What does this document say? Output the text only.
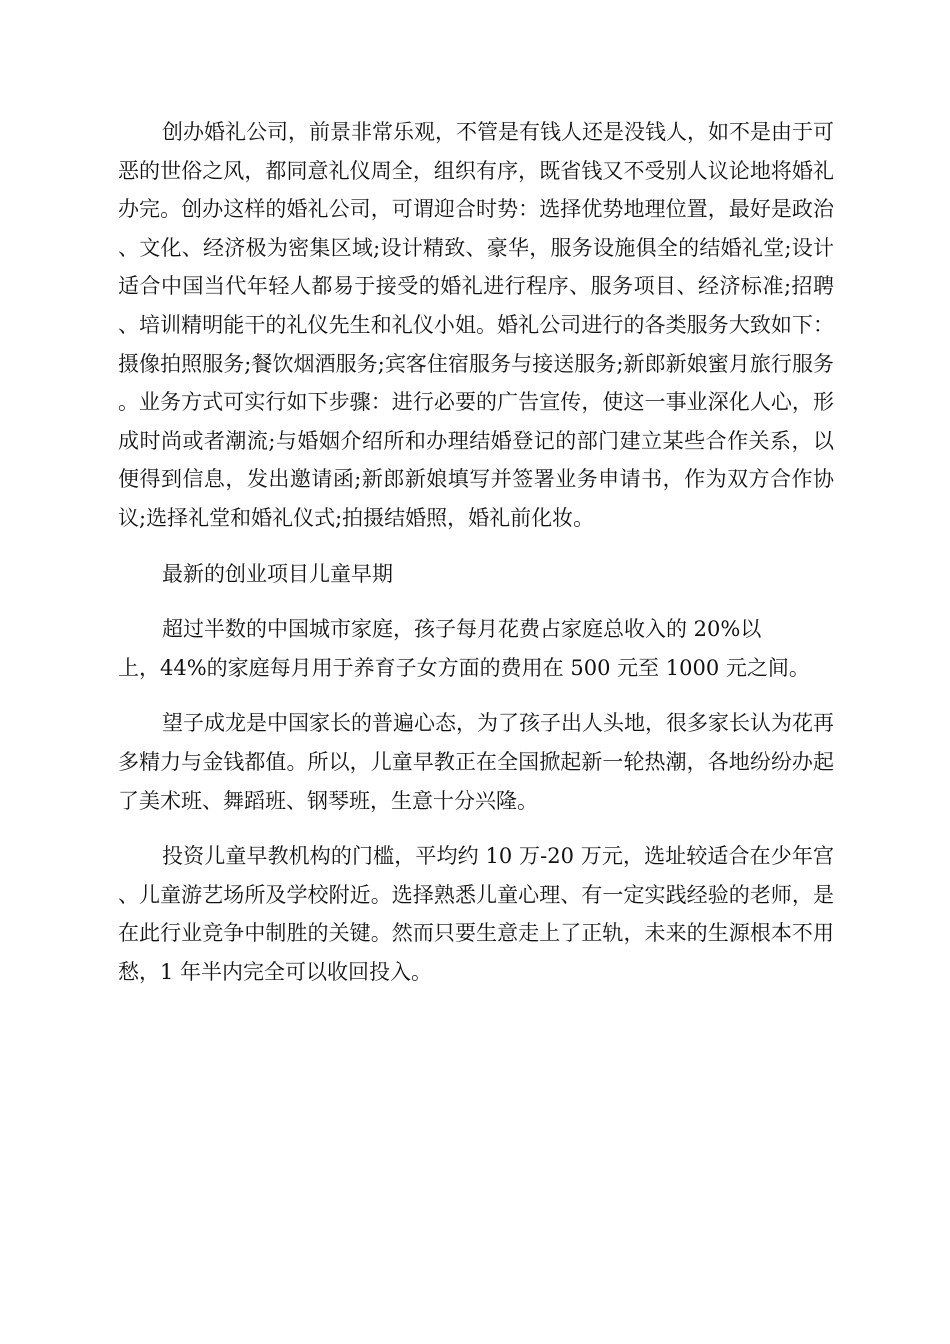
创办婚礼公司，前景非常乐观，不管是有钱人还是没钱人，如不是由于可恶的世俗之风，都同意礼仪周全，组织有序，既省钱又不受别人议论地将婚礼办完。创办这样的婚礼公司，可谓迎合时势：选择优势地理位置，最好是政治、文化、经济极为密集区域;设计精致、豪华，服务设施俱全的结婚礼堂;设计适合中国当代年轻人都易于接受的婚礼进行程序、服务项目、经济标准;招聘、培训精明能干的礼仪先生和礼仪小姐。婚礼公司进行的各类服务大致如下：摄像拍照服务;餐饮烟酒服务;宾客住宿服务与接送服务;新郎新娘蜜月旅行服务。业务方式可实行如下步骤：进行必要的广告宣传，使这一事业深化人心，形成时尚或者潮流;与婚姻介绍所和办理结婚登记的部门建立某些合作关系，以便得到信息，发出邀请函;新郎新娘填写并签署业务申请书，作为双方合作协议;选择礼堂和婚礼仪式;拍摄结婚照，婚礼前化妆。

最新的创业项目儿童早期

超过半数的中国城市家庭，孩子每月花费占家庭总收入的 20%以

上，44%的家庭每月用于养育子女方面的费用在 500 元至 1000 元之间。

望子成龙是中国家长的普遍心态，为了孩子出人头地，很多家长认为花再多精力与金钱都值。所以，儿童早教正在全国掀起新一轮热潮，各地纷纷办起了美术班、舞蹈班、钢琴班，生意十分兴隆。

投资儿童早教机构的门槛，平均约 10 万-20 万元，选址较适合在少年宫、儿童游艺场所及学校附近。选择熟悉儿童心理、有一定实践经验的老师，是在此行业竞争中制胜的关键。然而只要生意走上了正轨，未来的生源根本不用愁，1 年半内完全可以收回投入。
